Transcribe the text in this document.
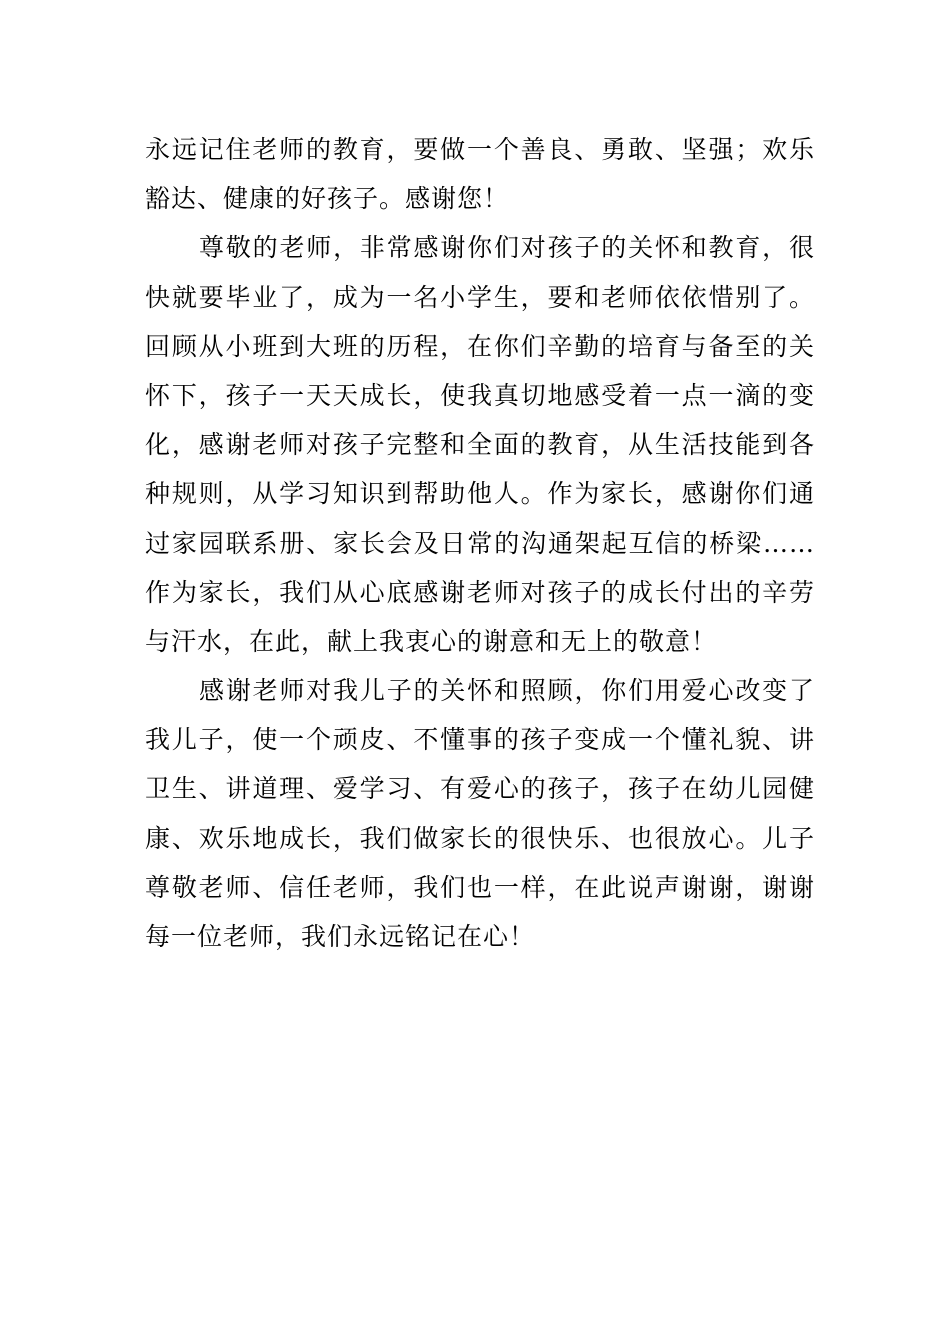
永远记住老师的教育，要做一个善良、勇敢、坚强；欢乐
豁达、健康的好孩子。感谢您！
尊敬的老师，非常感谢你们对孩子的关怀和教育，很
快就要毕业了，成为一名小学生，要和老师依依惜别了。
回顾从小班到大班的历程，在你们辛勤的培育与备至的关
怀下，孩子一天天成长，使我真切地感受着一点一滴的变
化，感谢老师对孩子完整和全面的教育，从生活技能到各
种规则，从学习知识到帮助他人。作为家长，感谢你们通
过家园联系册、家长会及日常的沟通架起互信的桥梁……
作为家长，我们从心底感谢老师对孩子的成长付出的辛劳
与汗水，在此，献上我衷心的谢意和无上的敬意！
感谢老师对我儿子的关怀和照顾，你们用爱心改变了
我儿子，使一个顽皮、不懂事的孩子变成一个懂礼貌、讲
卫生、讲道理、爱学习、有爱心的孩子，孩子在幼儿园健
康、欢乐地成长，我们做家长的很快乐、也很放心。儿子
尊敬老师、信任老师，我们也一样，在此说声谢谢，谢谢
每一位老师，我们永远铭记在心！
